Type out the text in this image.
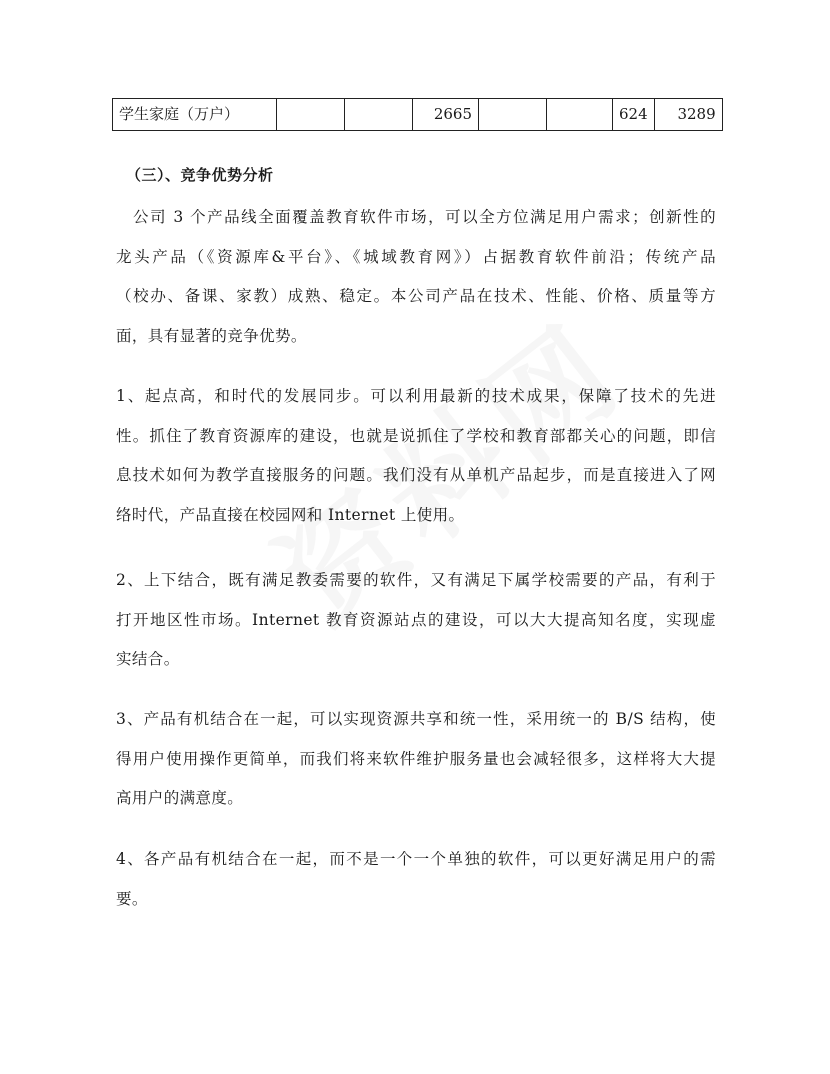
学生家庭（万户）			2665			624	3289
（三）、竞争优势分析
　公司 3 个产品线全面覆盖教育软件市场，可以全方位满足用户需求；创新性的
龙头产品（《资源库&平台》、《城域教育网》）占据教育软件前沿；传统产品
（校办、备课、家教）成熟、稳定。本公司产品在技术、性能、价格、质量等方
面，具有显著的竞争优势。
1、起点高，和时代的发展同步。可以利用最新的技术成果，保障了技术的先进
性。抓住了教育资源库的建设，也就是说抓住了学校和教育部都关心的问题，即信
息技术如何为教学直接服务的问题。我们没有从单机产品起步，而是直接进入了网
络时代，产品直接在校园网和 Internet 上使用。
2、上下结合，既有满足教委需要的软件，又有满足下属学校需要的产品，有利于
打开地区性市场。Internet 教育资源站点的建设，可以大大提高知名度，实现虚
实结合。
3、产品有机结合在一起，可以实现资源共享和统一性，采用统一的 B/S 结构，使
得用户使用操作更简单，而我们将来软件维护服务量也会减轻很多，这样将大大提
高用户的满意度。
4、各产品有机结合在一起，而不是一个一个单独的软件，可以更好满足用户的需
要。
